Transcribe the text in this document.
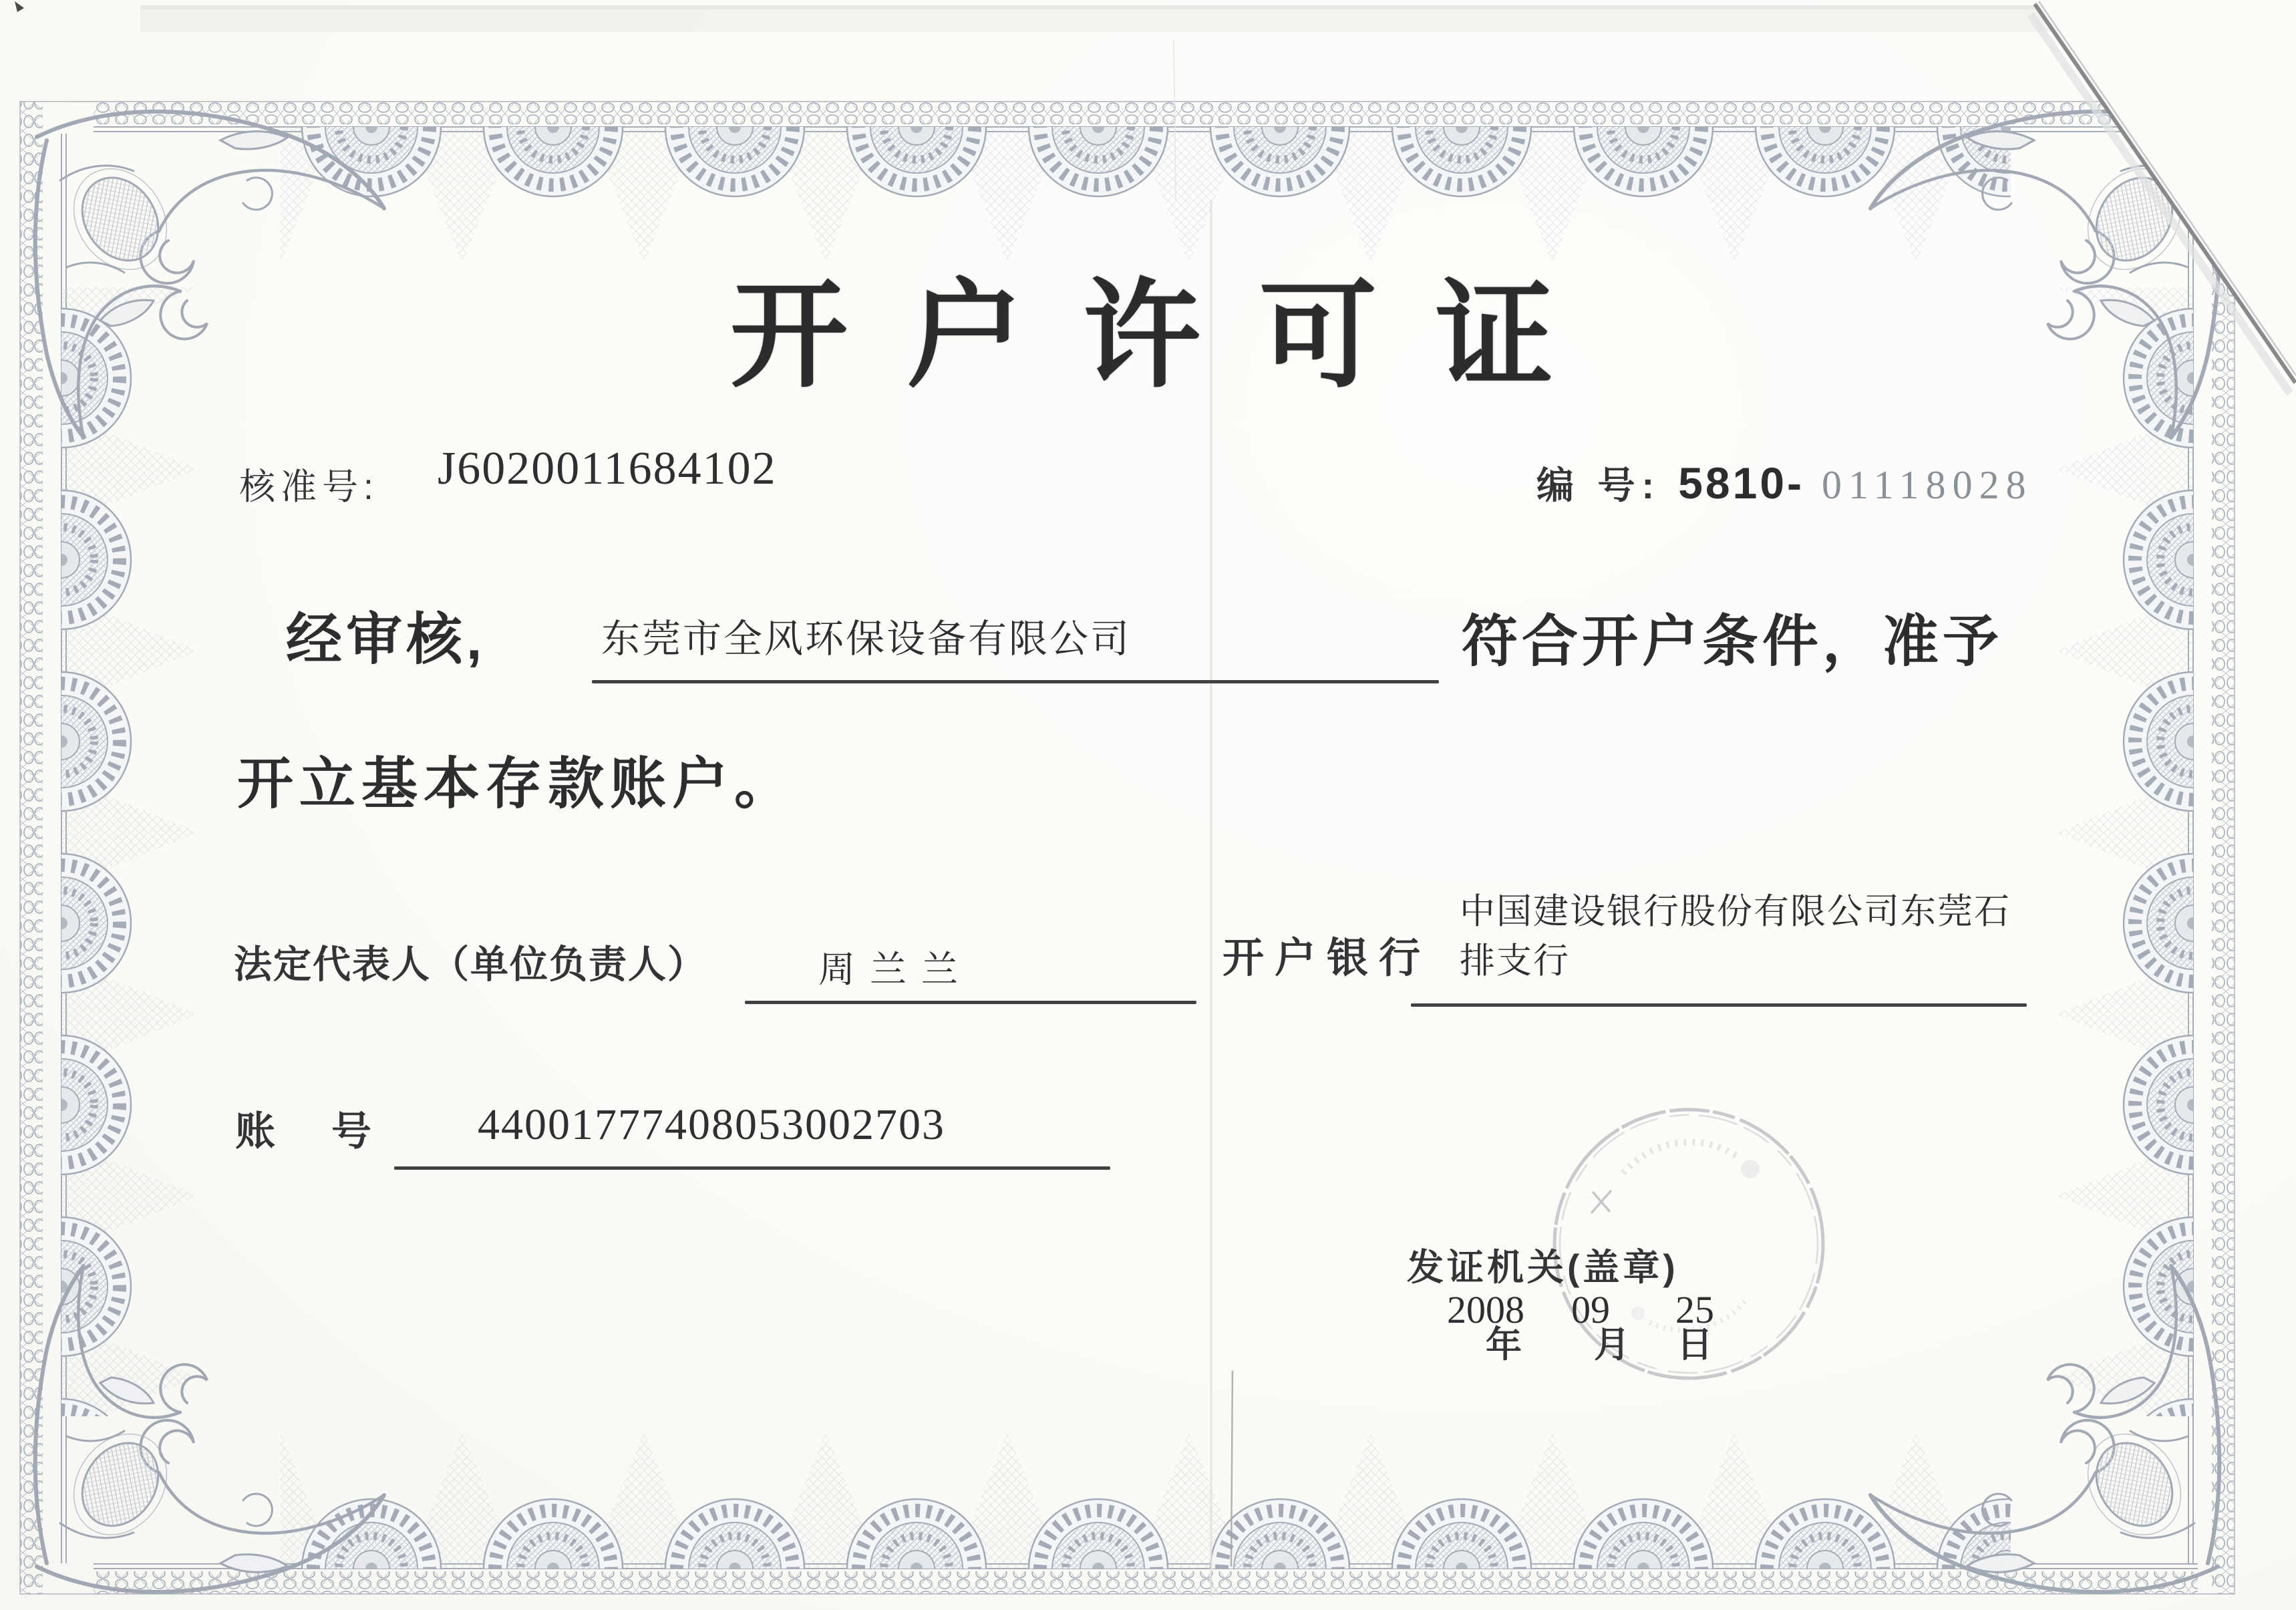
开户许可证
核准号: J6020011684102	编 号: 5810- 01118028
经审核,	东莞市全风环保设备有限公司	符合开户条件，准予
开立基本存款账户。
法定代表人（单位负责人）	周兰兰	开户银行
中国建设银行股份有限公司东莞石排支行
账　号 44001777408053002703
发证机关(盖章)
2008 09 25
年 月 日
